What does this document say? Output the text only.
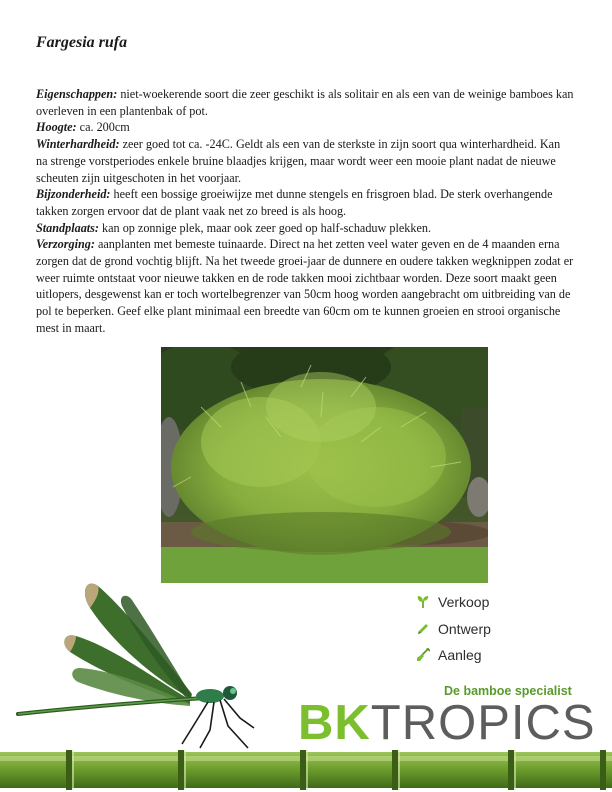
Fargesia rufa

Eigenschappen: niet-woekerende soort die zeer geschikt is als solitair en als een van de weinige bamboes kan overleven in een plantenbak of pot.

Hoogte: ca. 200cm

Winterhardheid: zeer goed tot ca. -24C. Geldt als een van de sterkste in zijn soort qua winterhardheid. Kan na strenge vorstperiodes enkele bruine blaadjes krijgen, maar wordt weer een mooie plant nadat de nieuwe scheuten zijn uitgeschoten in het voorjaar.

Bijzonderheid: heeft een bossige groeiwijze met dunne stengels en frisgroen blad. De sterk overhangende takken zorgen ervoor dat de plant vaak net zo breed is als hoog.

Standplaats: kan op zonnige plek, maar ook zeer goed op half-schaduw plekken.

Verzorging: aanplanten met bemeste tuinaarde. Direct na het zetten veel water geven en de 4 maanden erna zorgen dat de grond vochtig blijft. Na het tweede groei-jaar de dunnere en oudere takken wegknippen zodat er weer ruimte ontstaat voor nieuwe takken en de rode takken mooi zichtbaar worden. Deze soort maakt geen uitlopers, desgewenst kan er toch wortelbegrenzer van 50cm hoog worden aangebracht om uitbreiding van de pol te beperken. Geef elke plant minimaal een breedte van 60cm om te kunnen groeien en strooi organische mest in maart.

Verkoop
Ontwerp
Aanleg
De bamboe specialist
BKTROPICS
